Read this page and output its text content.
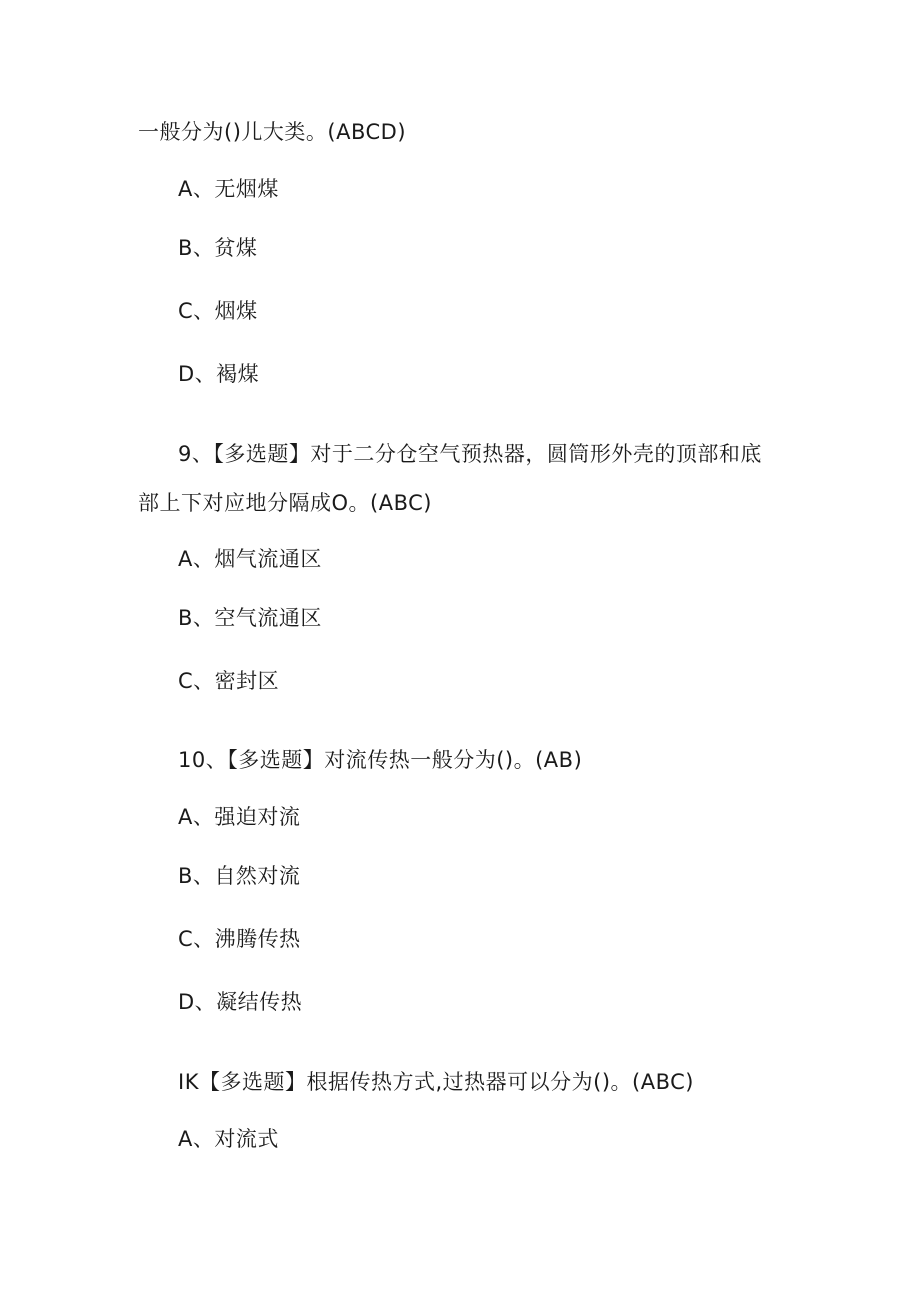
一般分为()儿大类。(ABCD)
A、无烟煤
B、贫煤
C、烟煤
D、褐煤
9、【多选题】对于二分仓空气预热器，圆筒形外壳的顶部和底
部上下对应地分隔成O。(ABC)
A、烟气流通区
B、空气流通区
C、密封区
10、【多选题】对流传热一般分为()。(AB)
A、强迫对流
B、自然对流
C、沸腾传热
D、凝结传热
IK【多选题】根据传热方式,过热器可以分为()。(ABC)
A、对流式
